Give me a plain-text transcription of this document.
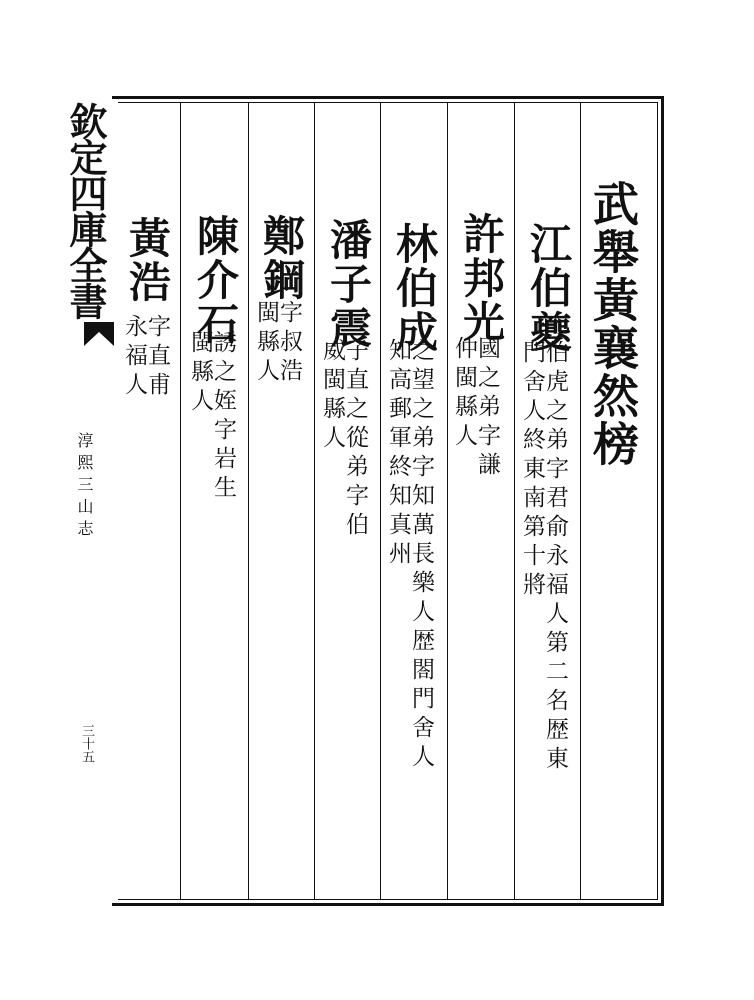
欽定四庫全書
淳熙三山志
三十五
武舉黃襄然榜
江伯夔
伯虎之弟字君俞永福人第二名歴東門舍人終東南第十將
許邦光
國之弟字謙仲閩縣人
林伯成
之望之弟字知萬長樂人歴閤門舍人知高郵軍終知真州
潘子震
子直之從弟字伯威閩縣人
鄭鋼
字叔浩閩縣人
陳介石
誘之姪字岩生閩縣人
黃浩
字直甫永福人
